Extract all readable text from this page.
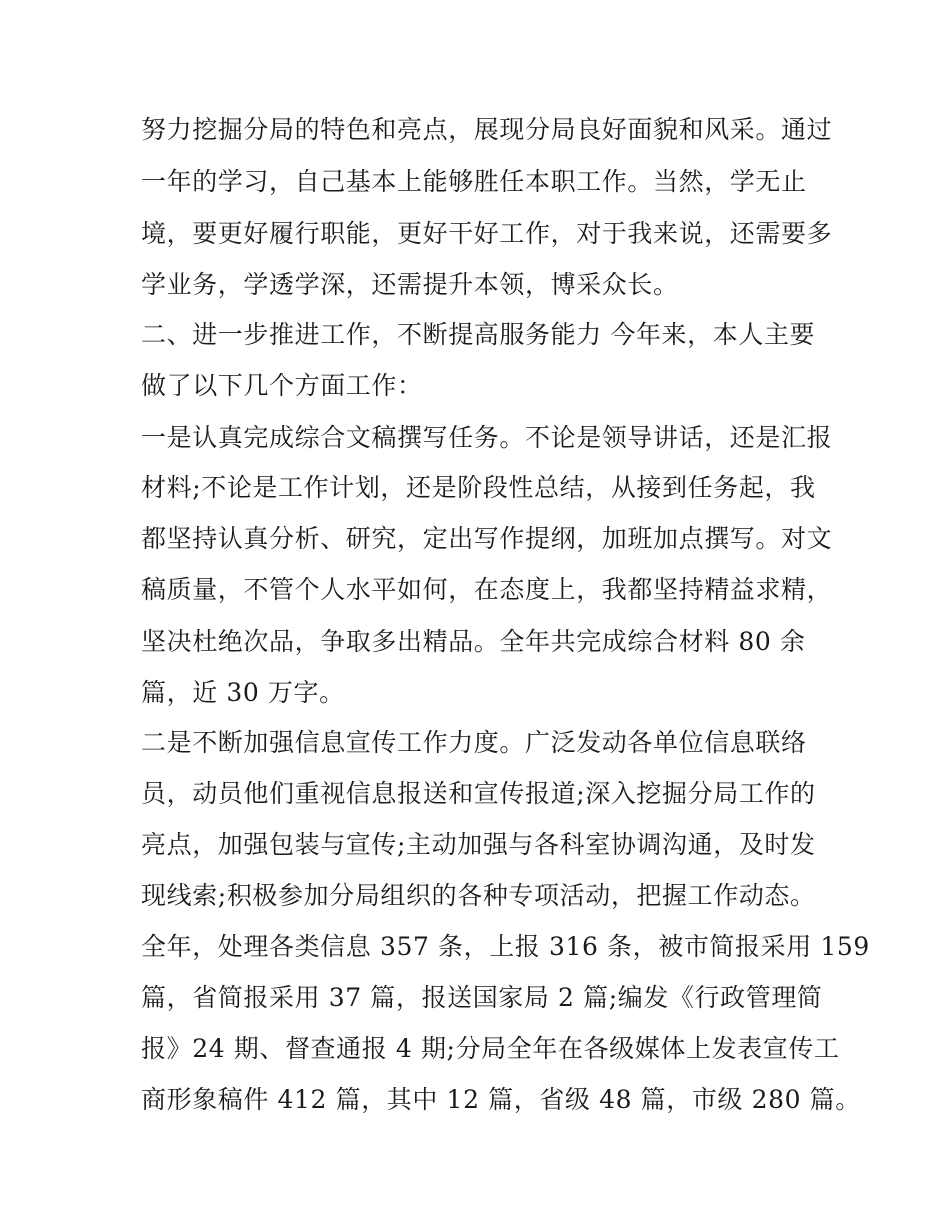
努力挖掘分局的特色和亮点，展现分局良好面貌和风采。通过
一年的学习，自己基本上能够胜任本职工作。当然，学无止
境，要更好履行职能，更好干好工作，对于我来说，还需要多
学业务，学透学深，还需提升本领，博采众长。
二、进一步推进工作，不断提高服务能力 今年来，本人主要
做了以下几个方面工作：
一是认真完成综合文稿撰写任务。不论是领导讲话，还是汇报
材料;不论是工作计划，还是阶段性总结，从接到任务起，我
都坚持认真分析、研究，定出写作提纲，加班加点撰写。对文
稿质量，不管个人水平如何，在态度上，我都坚持精益求精，
坚决杜绝次品，争取多出精品。全年共完成综合材料 80 余
篇，近 30 万字。
二是不断加强信息宣传工作力度。广泛发动各单位信息联络
员，动员他们重视信息报送和宣传报道;深入挖掘分局工作的
亮点，加强包装与宣传;主动加强与各科室协调沟通，及时发
现线索;积极参加分局组织的各种专项活动，把握工作动态。
全年，处理各类信息 357 条，上报 316 条，被市简报采用 159
篇，省简报采用 37 篇，报送国家局 2 篇;编发《行政管理简
报》24 期、督查通报 4 期;分局全年在各级媒体上发表宣传工
商形象稿件 412 篇，其中 12 篇，省级 48 篇，市级 280 篇。
